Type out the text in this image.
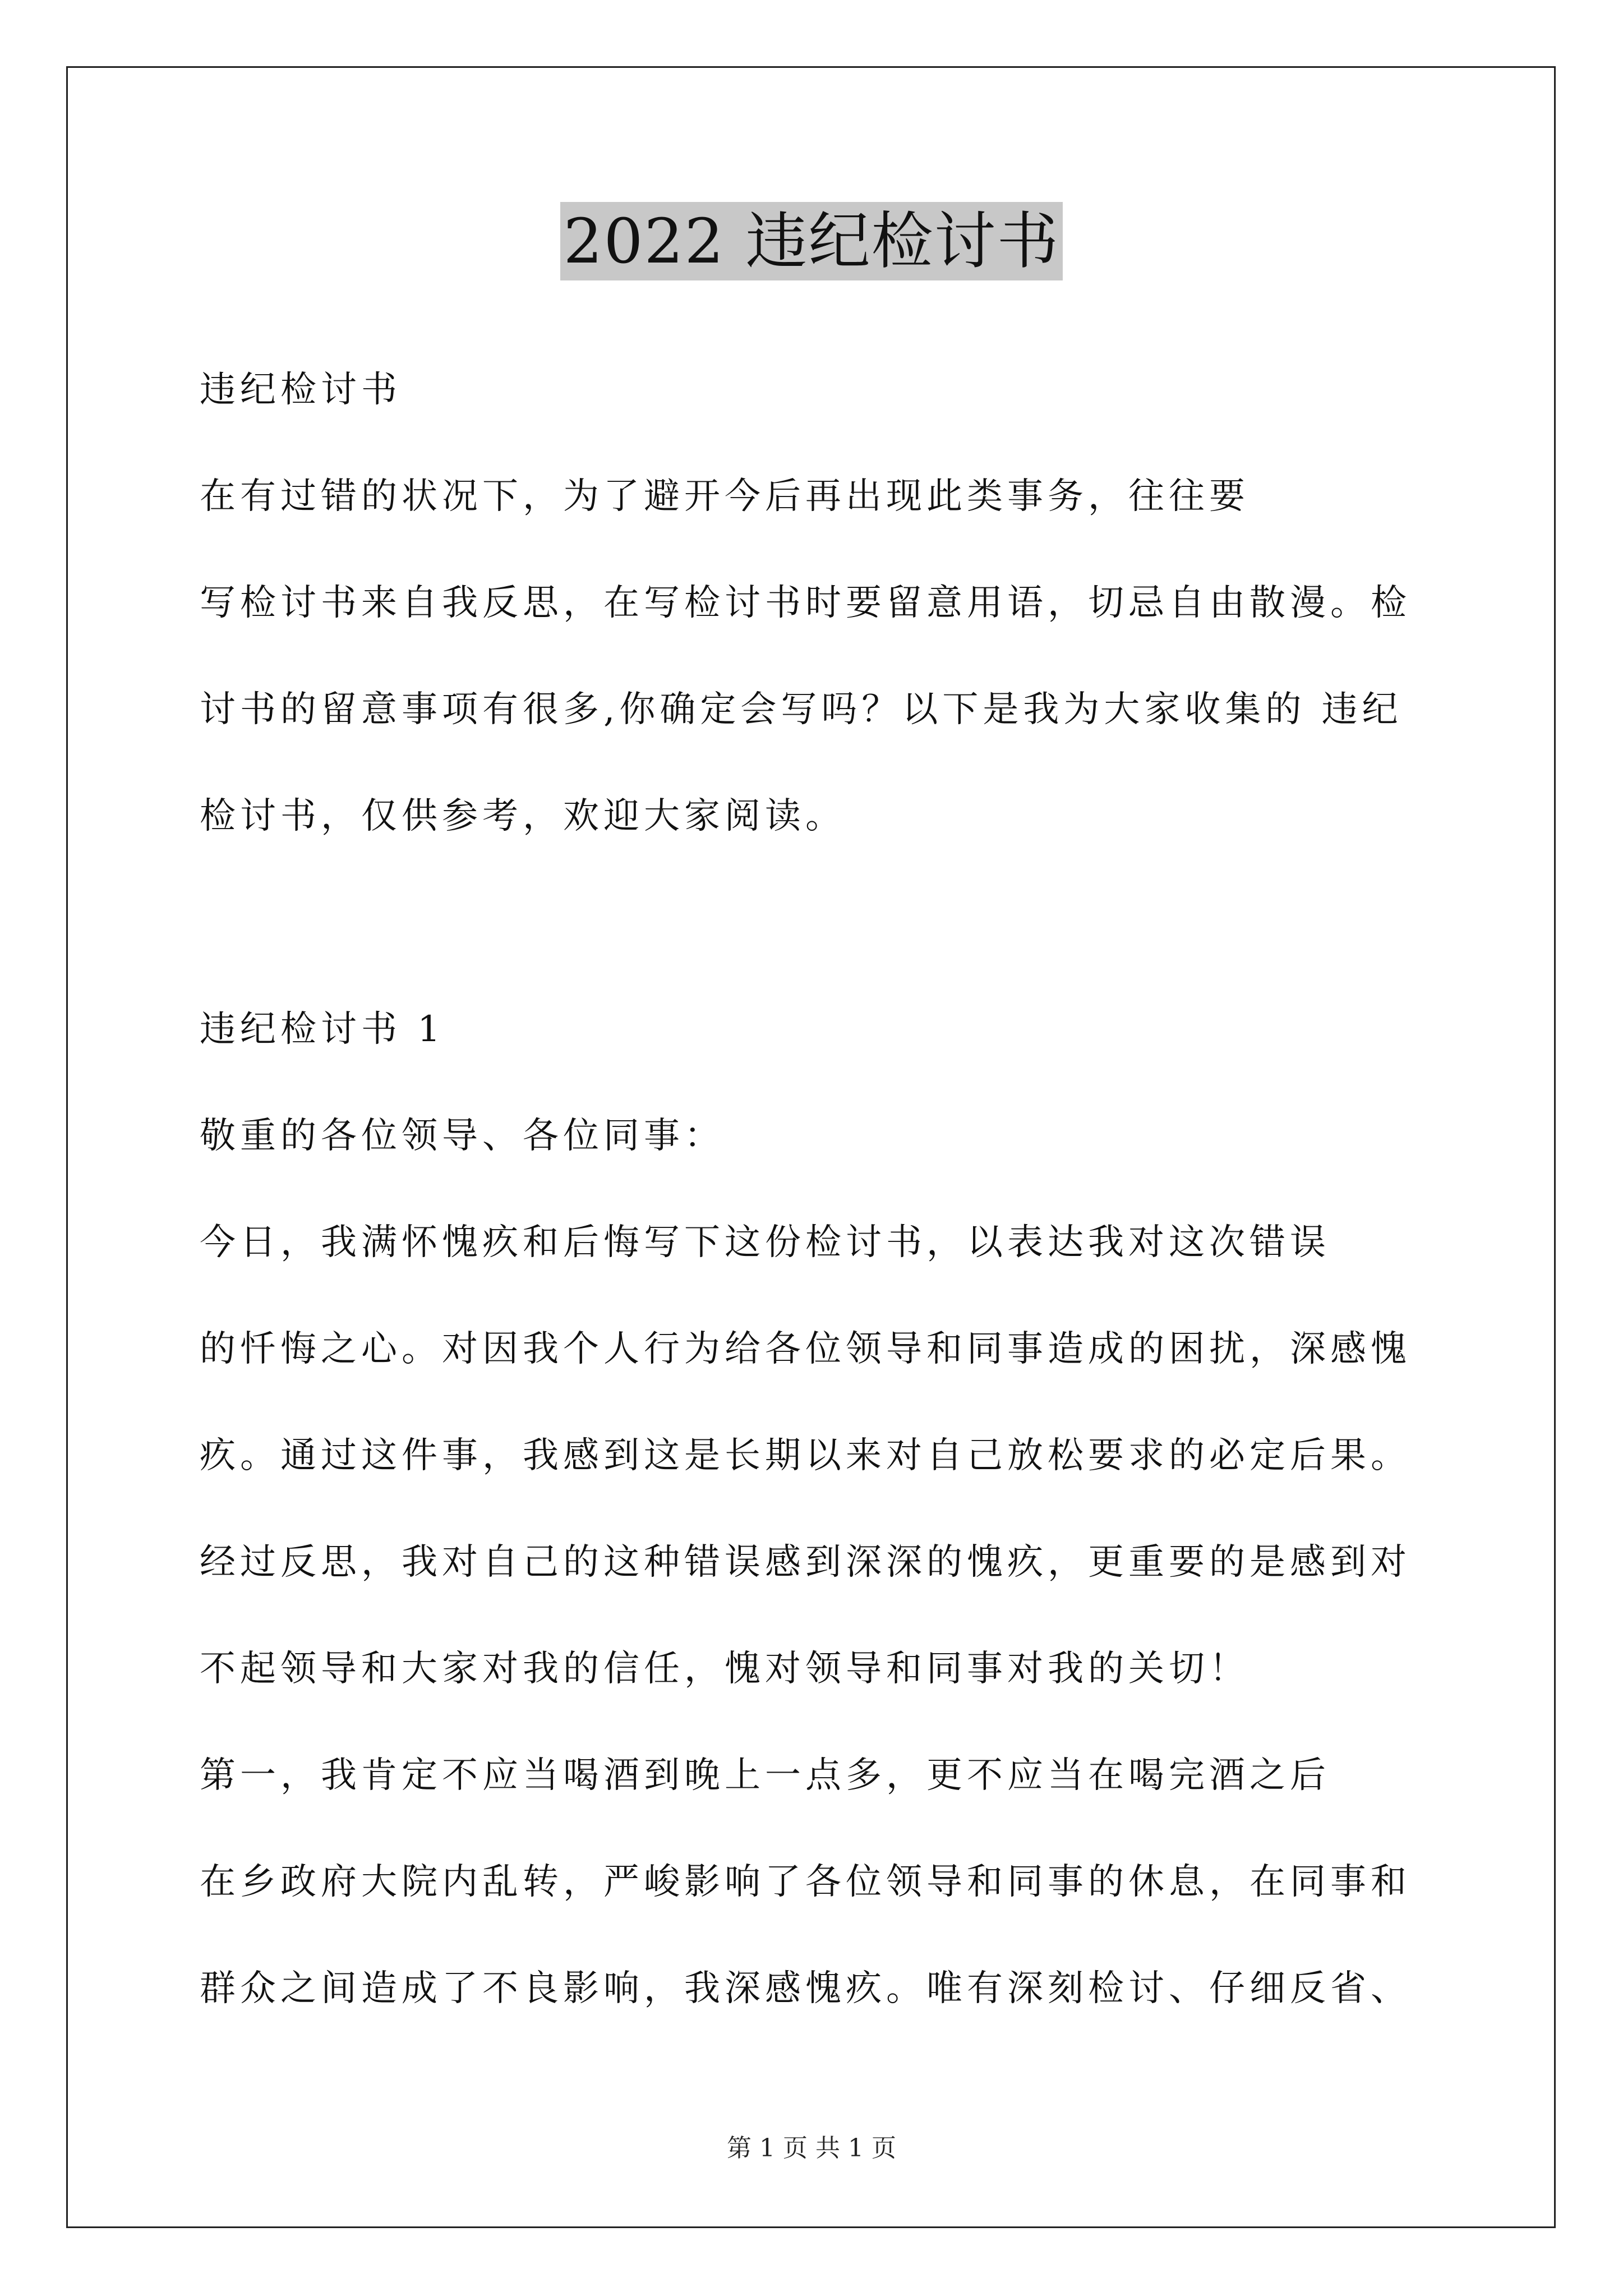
2022 违纪检讨书
违纪检讨书
在有过错的状况下，为了避开今后再出现此类事务，往往要
写检讨书来自我反思，在写检讨书时要留意用语，切忌自由散漫。检
讨书的留意事项有很多,你确定会写吗？以下是我为大家收集的 违纪
检讨书，仅供参考，欢迎大家阅读。
违纪检讨书 1
敬重的各位领导、各位同事：
今日，我满怀愧疚和后悔写下这份检讨书，以表达我对这次错误
的忏悔之心。对因我个人行为给各位领导和同事造成的困扰，深感愧
疚。通过这件事，我感到这是长期以来对自己放松要求的必定后果。
经过反思，我对自己的这种错误感到深深的愧疚，更重要的是感到对
不起领导和大家对我的信任，愧对领导和同事对我的关切！
第一，我肯定不应当喝酒到晚上一点多，更不应当在喝完酒之后
在乡政府大院内乱转，严峻影响了各位领导和同事的休息，在同事和
群众之间造成了不良影响，我深感愧疚。唯有深刻检讨、仔细反省、
第 1 页 共 1 页
